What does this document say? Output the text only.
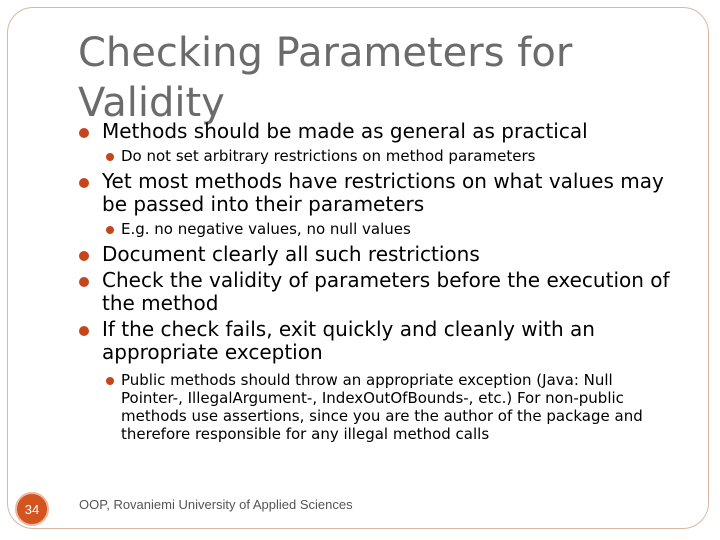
Checking Parameters for Validity
Methods should be made as general as practical
Do not set arbitrary restrictions on method parameters
Yet most methods have restrictions on what values may be passed into their parameters
E.g. no negative values, no null values
Document clearly all such restrictions
Check the validity of parameters before the execution of the method
If the check fails, exit quickly and cleanly with an appropriate exception
Public methods should throw an appropriate exception (Java: Null Pointer-, IllegalArgument-, IndexOutOfBounds-, etc.) For non-public methods use assertions, since you are the author of the package and therefore responsible for any illegal method calls
34	OOP, Rovaniemi University of Applied Sciences
